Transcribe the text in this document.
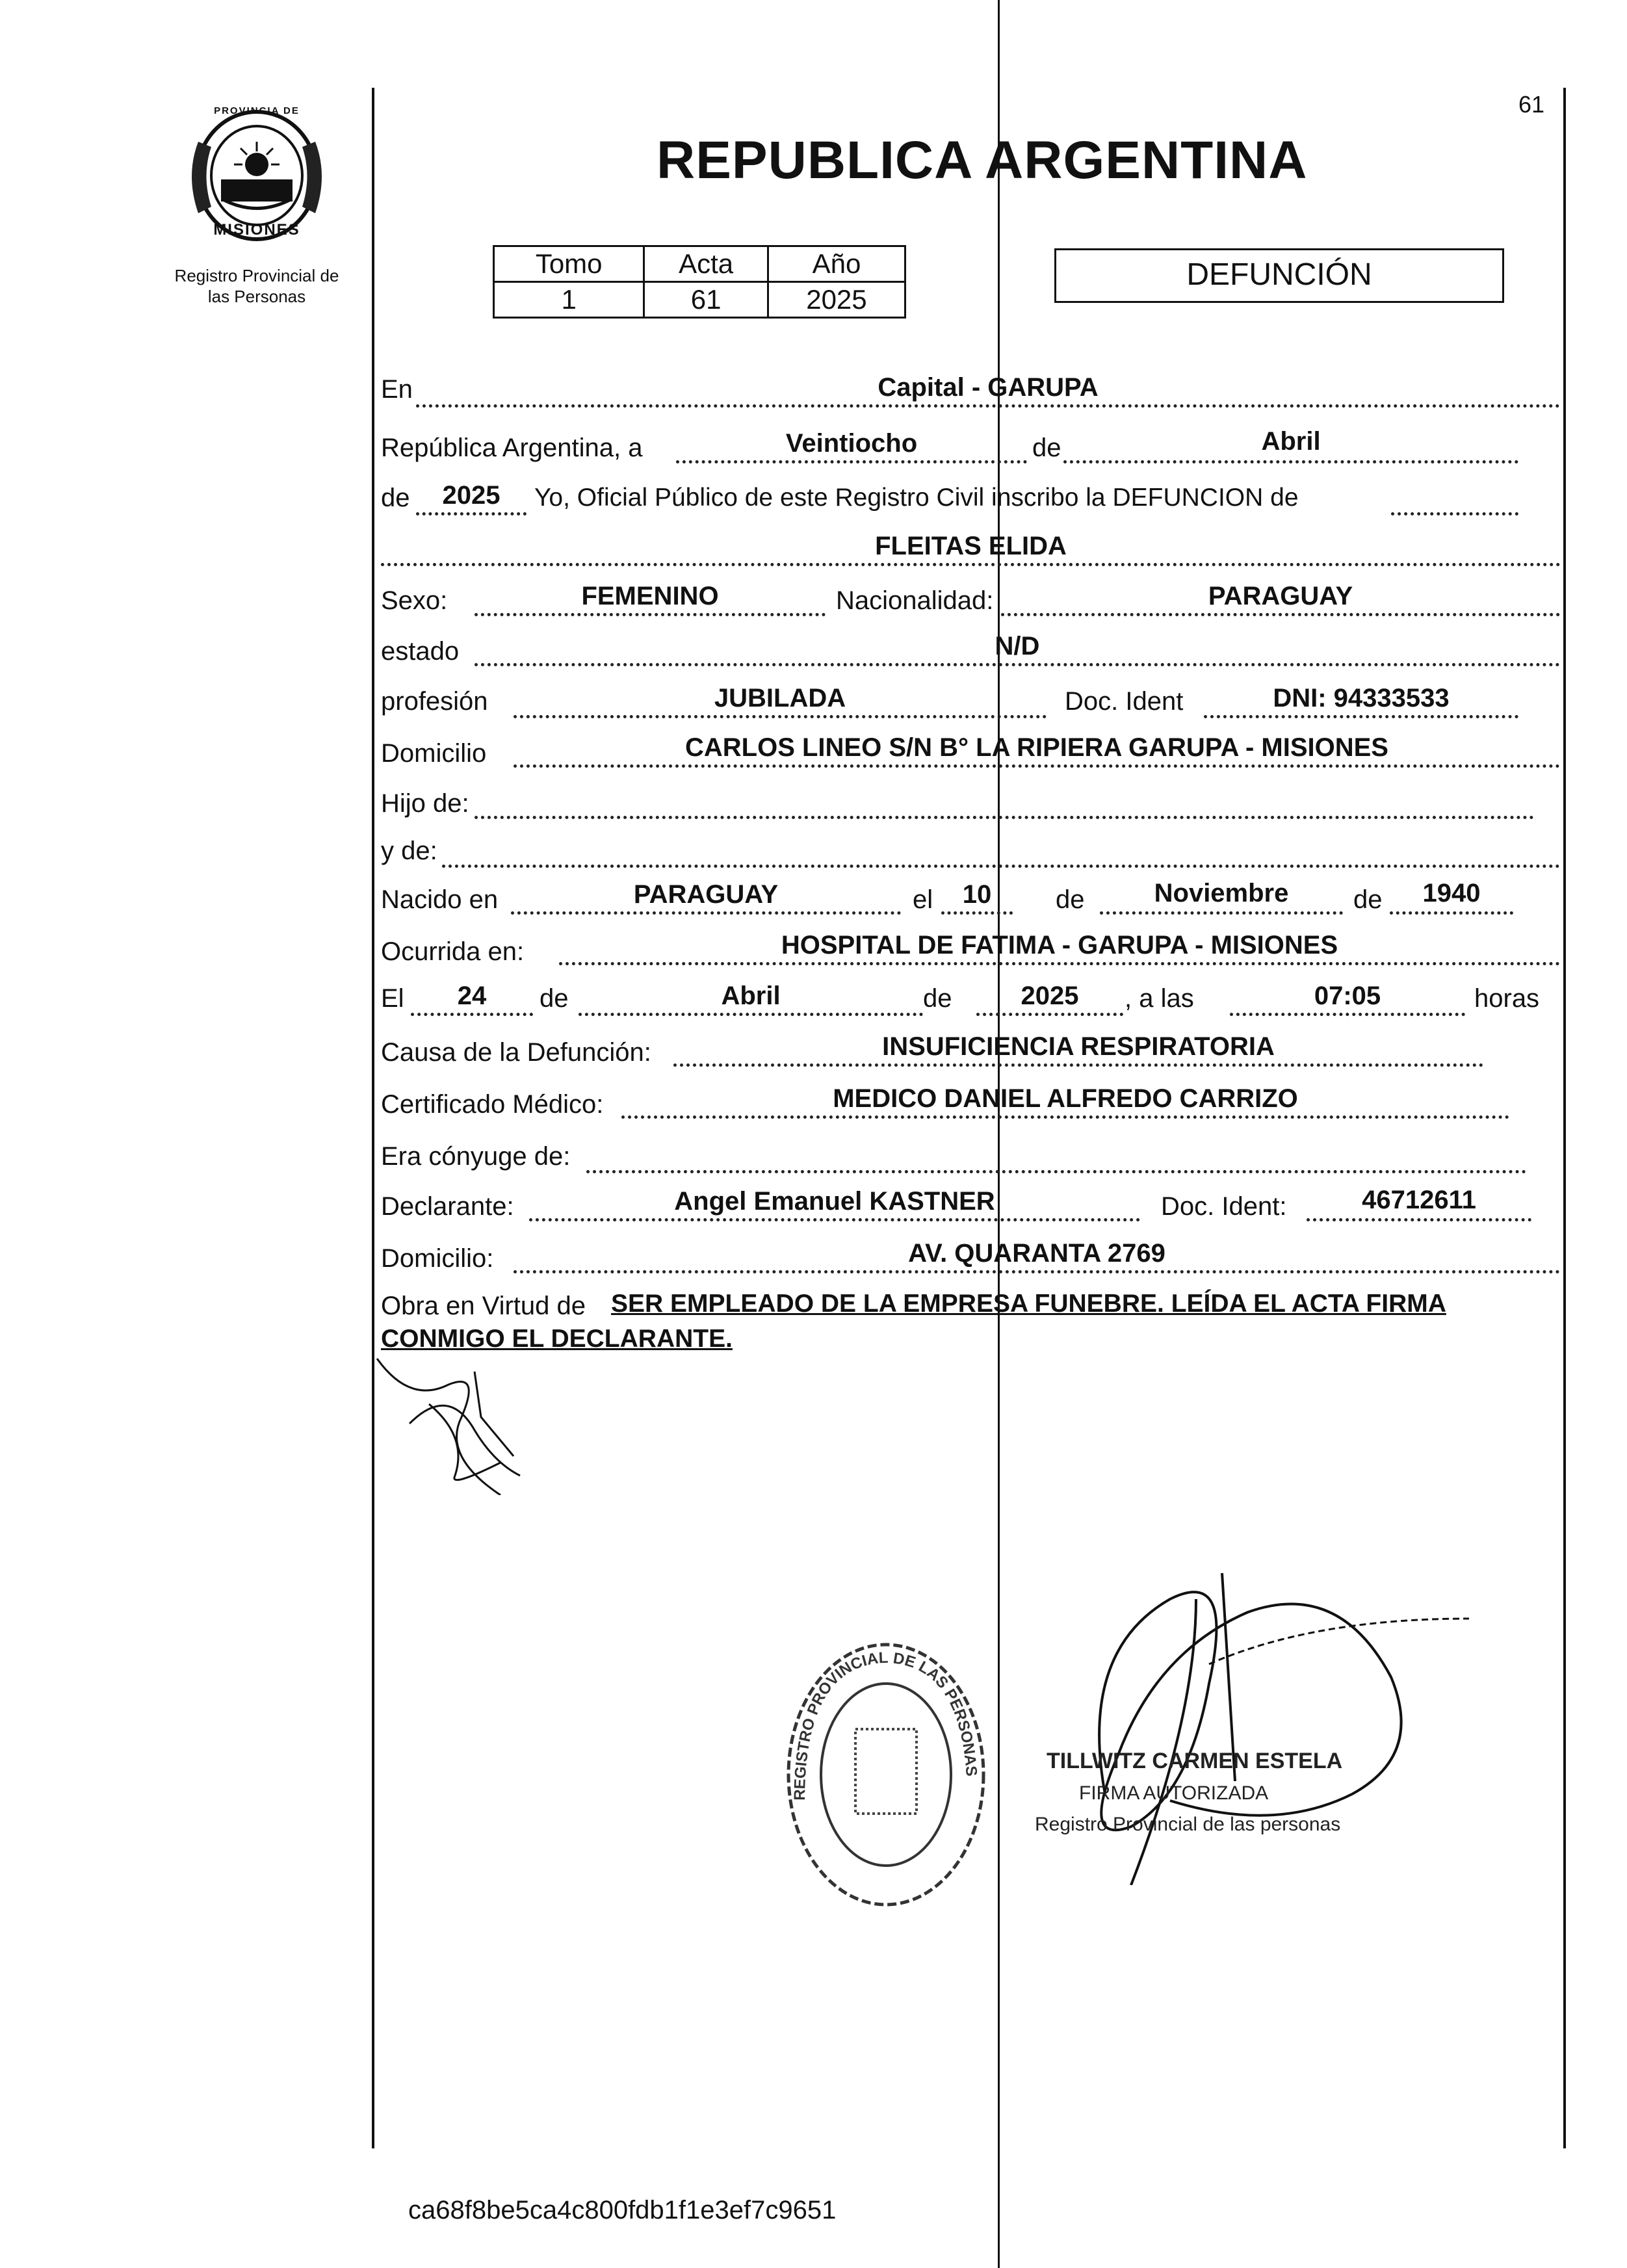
61
PROVINCIA DE
MISIONES
Registro Provincial de
las Personas
REPUBLICA ARGENTINA
Tomo	Acta	Año
1	61	2025
DEFUNCIÓN
En	Capital - GARUPA
República Argentina, a	Veintiocho	de	Abril
de	2025	Yo, Oficial Público de este Registro Civil inscribo la DEFUNCION de
FLEITAS ELIDA
Sexo:	FEMENINO	Nacionalidad:	PARAGUAY
estado	N/D
profesión	JUBILADA	Doc. Ident	DNI: 94333533
Domicilio	CARLOS LINEO S/N B° LA RIPIERA GARUPA - MISIONES
Hijo de:
y de:
Nacido en	PARAGUAY	el	10	de	Noviembre	de	1940
Ocurrida en:	HOSPITAL DE FATIMA - GARUPA - MISIONES
El	24	de	Abril	de	2025	, a las	07:05	horas
Causa de la Defunción:	INSUFICIENCIA RESPIRATORIA
Certificado Médico:	MEDICO DANIEL ALFREDO CARRIZO
Era cónyuge de:
Declarante:	Angel Emanuel KASTNER	Doc. Ident:	46712611
Domicilio:	AV. QUARANTA 2769
Obra en Virtud de SER EMPLEADO DE LA EMPRESA FUNEBRE. LEÍDA EL ACTA FIRMA
CONMIGO EL DECLARANTE.
REGISTRO PROVINCIAL DE LAS PERSONAS	TILLWITZ CARMEN ESTELA
FIRMA AUTORIZADA
Registro Provincial de las personas
ca68f8be5ca4c800fdb1f1e3ef7c9651
